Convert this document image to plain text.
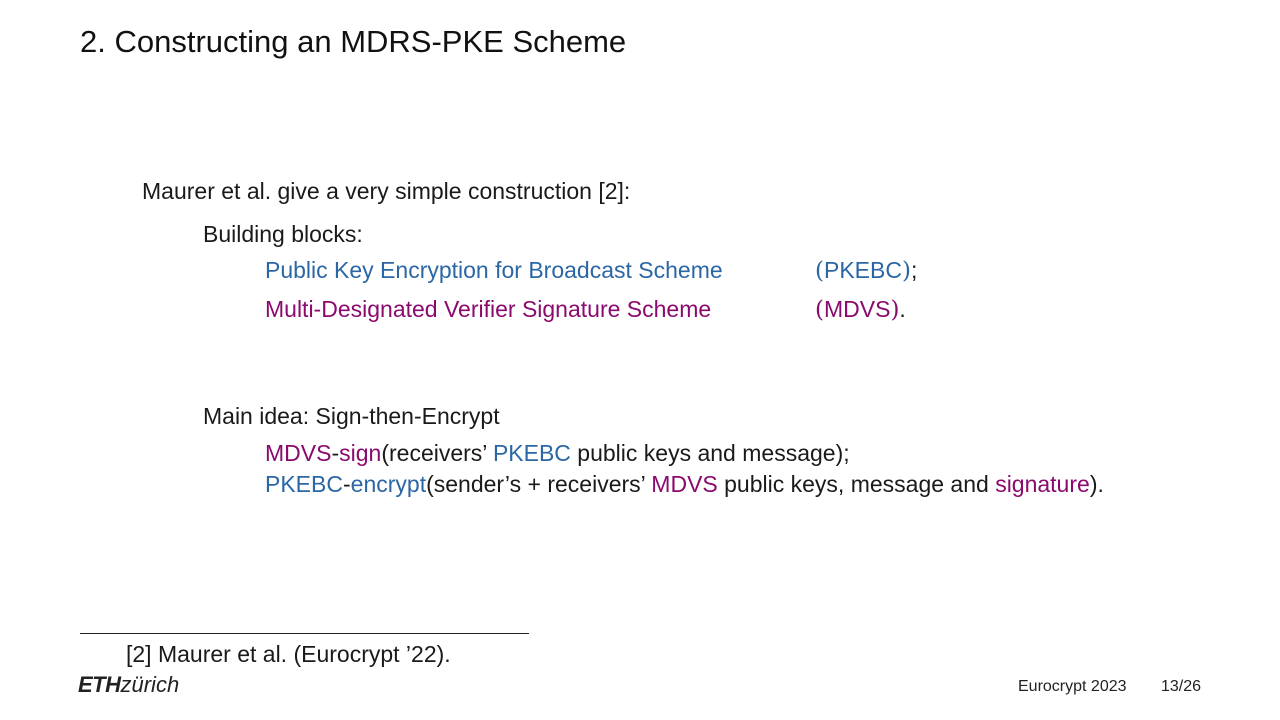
2. Constructing an MDRS-PKE Scheme
Maurer et al. give a very simple construction [2]:
Building blocks:
Public Key Encryption for Broadcast Scheme	(PKEBC);
Multi-Designated Verifier Signature Scheme	(MDVS).
Main idea: Sign-then-Encrypt
MDVS-sign(receivers’ PKEBC public keys and message);
PKEBC-encrypt(sender’s + receivers’ MDVS public keys, message and signature).
[2] Maurer et al. (Eurocrypt ’22).
ETHzürich	Eurocrypt 2023 13/26
